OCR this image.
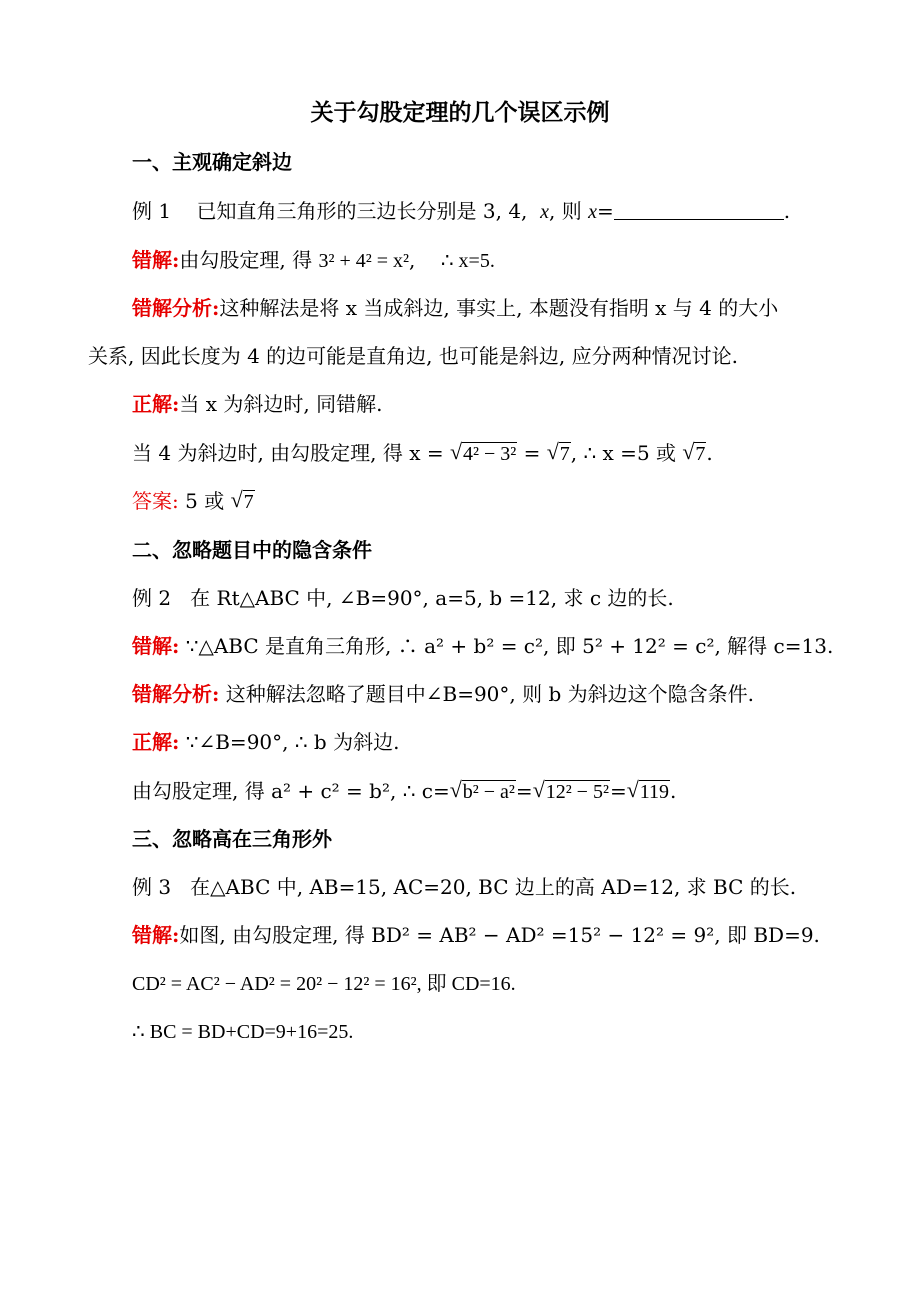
关于勾股定理的几个误区示例
一、主观确定斜边
例 1 已知直角三角形的三边长分别是 3, 4, x, 则 x=	.
错解:由勾股定理, 得 3² + 4² = x²,    ∴ x=5.
错解分析:这种解法是将 x 当成斜边, 事实上, 本题没有指明 x 与 4 的大小
关系, 因此长度为 4 的边可能是直角边, 也可能是斜边, 应分两种情况讨论.
正解:当 x 为斜边时, 同错解.
当 4 为斜边时, 由勾股定理, 得 x = √ 4² − 3² = √ 7, ∴ x =5 或 √ 7.
答案: 5 或 √ 7
二、忽略题目中的隐含条件
例 2 在 Rt△ABC 中, ∠B=90°, a=5, b =12, 求 c 边的长.
错解: ∵△ABC 是直角三角形, ∴ a² + b² = c², 即 5² + 12² = c², 解得 c=13.
错解分析: 这种解法忽略了题目中∠B=90°, 则 b 为斜边这个隐含条件.
正解: ∵∠B=90°, ∴ b 为斜边.
由勾股定理, 得 a² + c² = b², ∴ c= √ b² − a²= √ 12² − 5²= √ 119.
三、忽略高在三角形外
例 3 在△ABC 中, AB=15, AC=20, BC 边上的高 AD=12, 求 BC 的长.
错解:如图, 由勾股定理, 得 BD² = AB² − AD² =15² − 12² = 9², 即 BD=9.
CD² = AC² − AD² = 20² − 12² = 16², 即 CD=16.
∴ BC = BD+CD=9+16=25.
